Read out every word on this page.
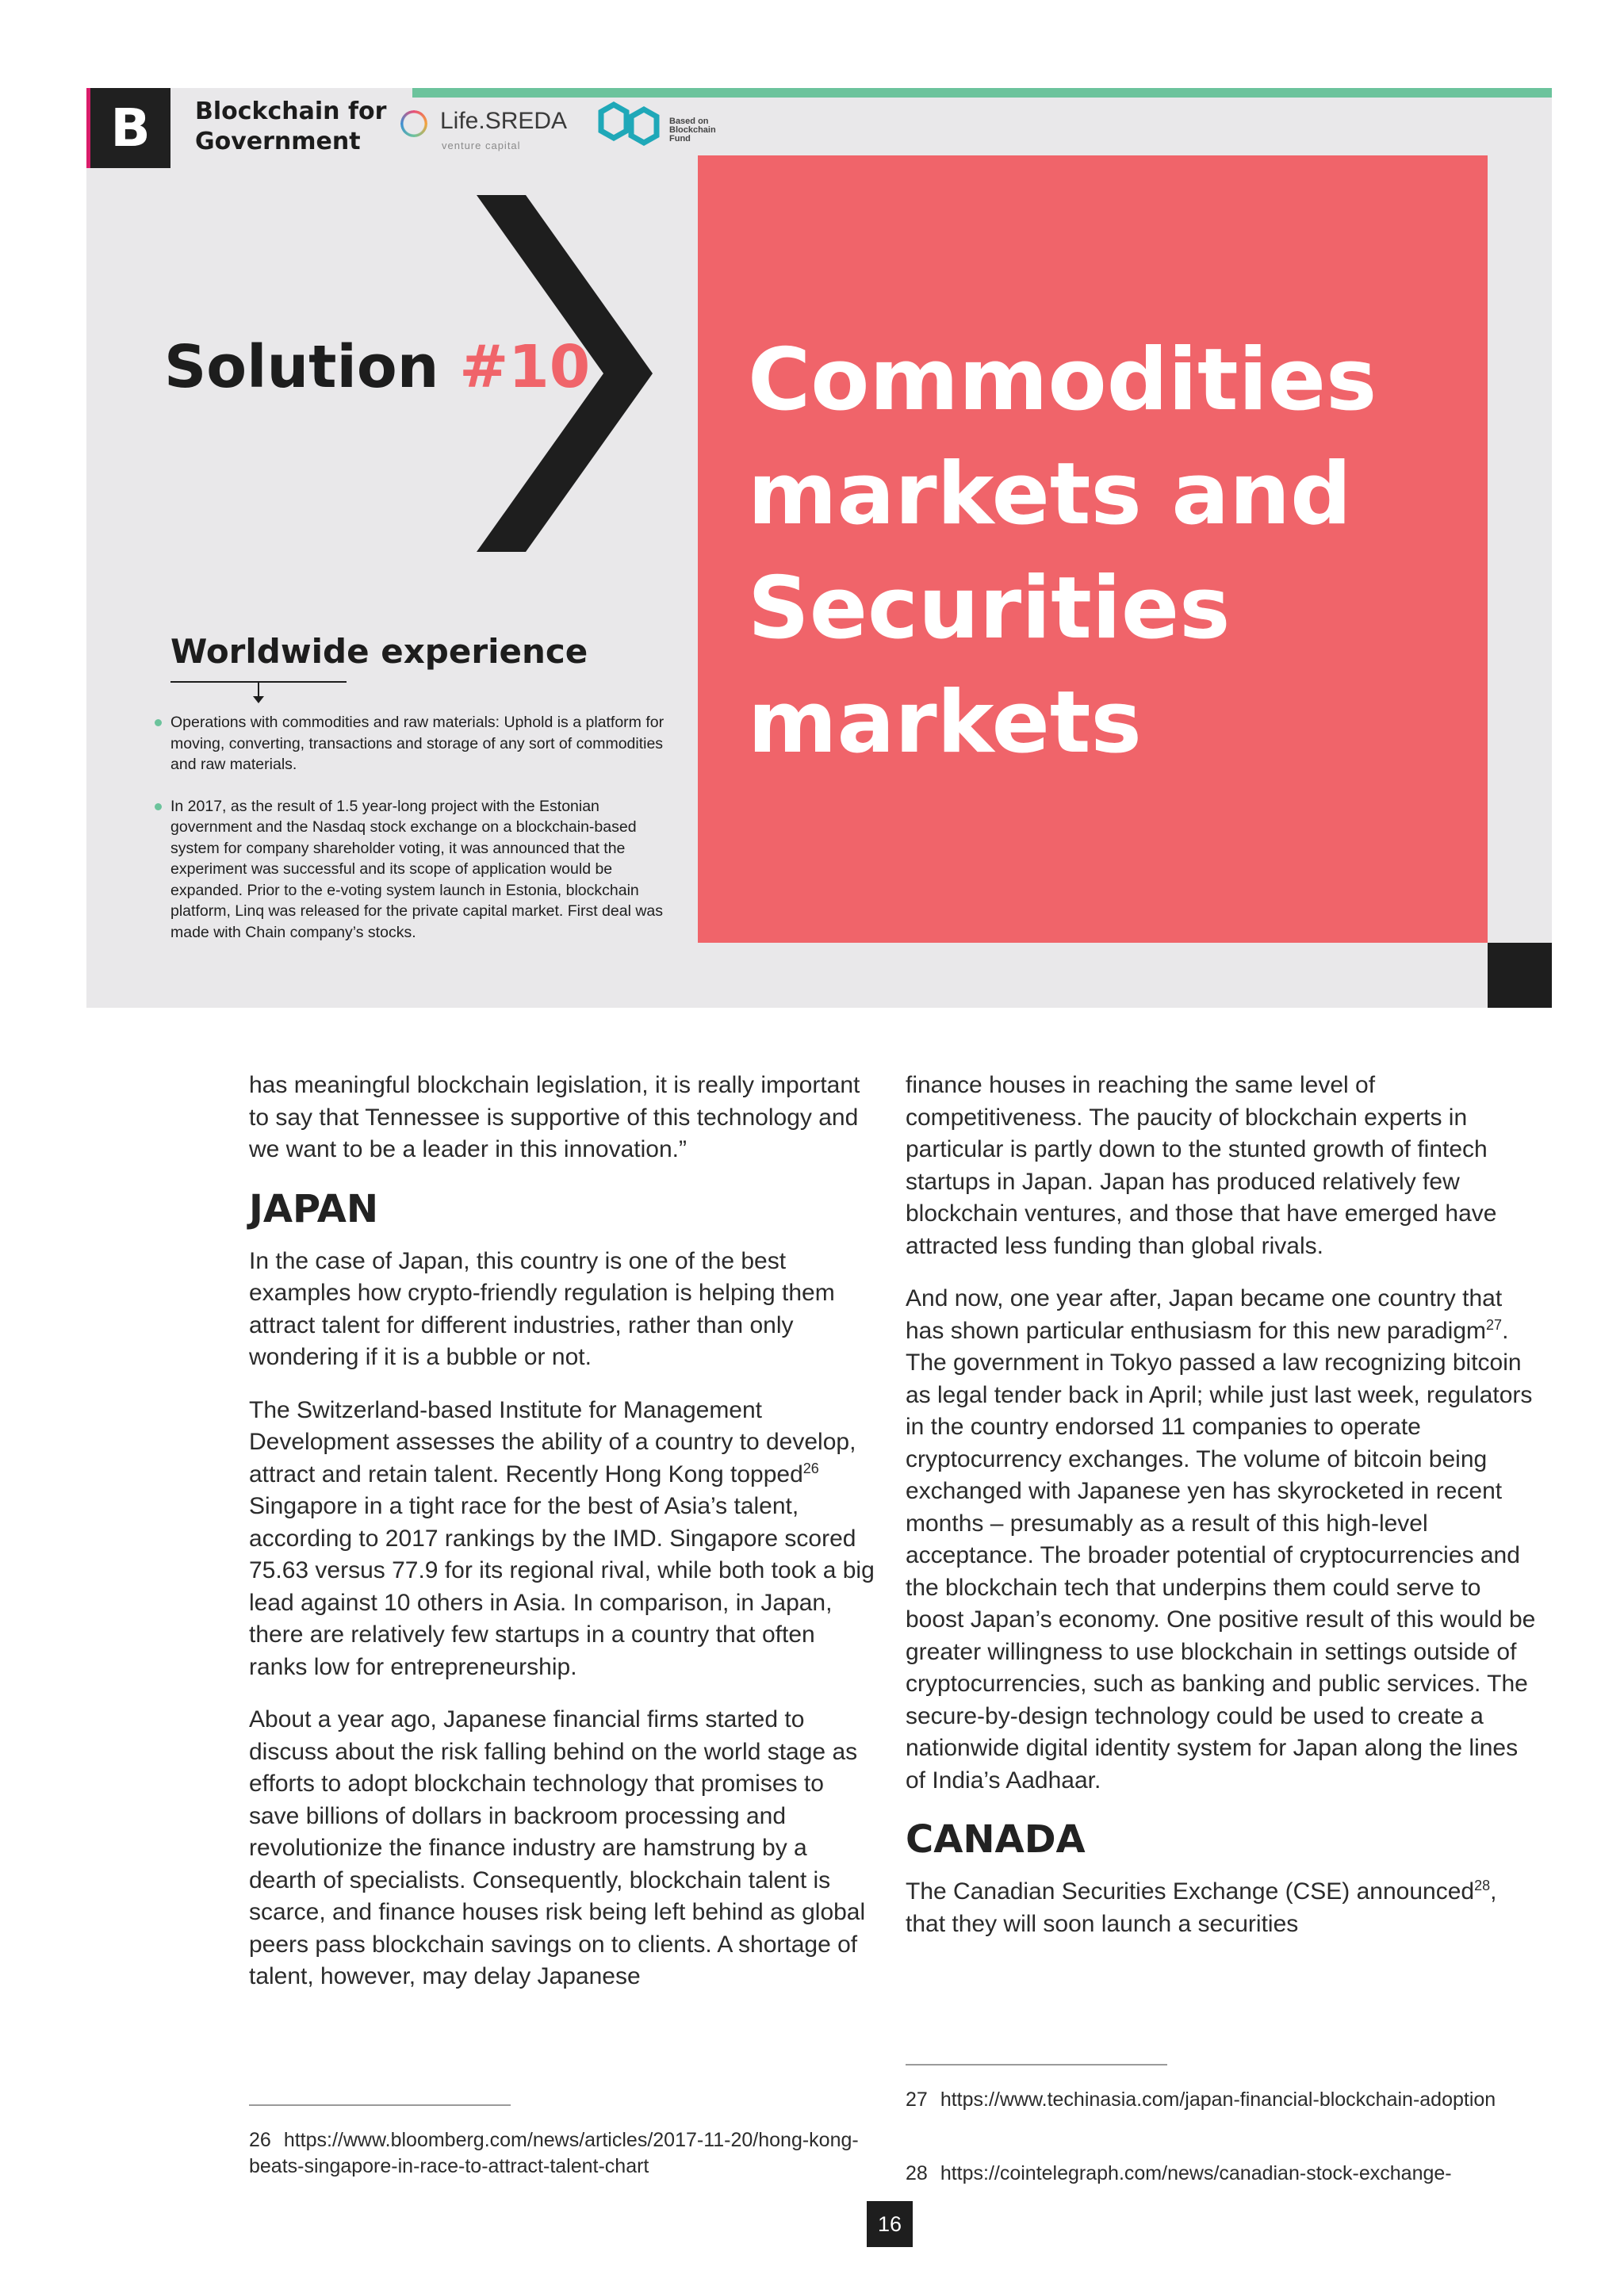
B Blockchain for Government
Life.SREDA
venture capital
Based on
Blockchain
Fund
Solution #10 Commodities
markets and
Securities
markets
Worldwide experience
Operations with commodities and raw materials: Uphold is a platform for moving, converting, transactions and storage of any sort of commodities and raw materials.
In 2017, as the result of 1.5 year-long project with the Estonian government and the Nasdaq stock exchange on a blockchain-based system for company shareholder voting, it was announced that the experiment was successful and its scope of application would be expanded. Prior to the e-voting system launch in Estonia, blockchain platform, Linq was released for the private capital market. First deal was made with Chain company’s stocks.

has meaningful blockchain legislation, it is really important to say that Tennessee is supportive of this technology and we want to be a leader in this innovation.”

JAPAN

In the case of Japan, this country is one of the best examples how crypto-friendly regulation is helping them attract talent for different industries, rather than only wondering if it is a bubble or not.

The Switzerland-based Institute for Management Development assesses the ability of a country to develop, attract and retain talent. Recently Hong Kong topped$^{26}$ Singapore in a tight race for the best of Asia’s talent, according to 2017 rankings by the IMD. Singapore scored 75.63 versus 77.9 for its regional rival, while both took a big lead against 10 others in Asia. In comparison, in Japan, there are relatively few startups in a country that often ranks low for entrepreneurship.

About a year ago, Japanese financial firms started to discuss about the risk falling behind on the world stage as efforts to adopt blockchain technology that promises to save billions of dollars in backroom processing and revolutionize the finance industry are hamstrung by a dearth of specialists. Consequently, blockchain talent is scarce, and finance houses risk being left behind as global peers pass blockchain savings on to clients. A shortage of talent, however, may delay Japanese

finance houses in reaching the same level of competitiveness. The paucity of blockchain experts in particular is partly down to the stunted growth of fintech startups in Japan. Japan has produced relatively few blockchain ventures, and those that have emerged have attracted less funding than global rivals.

And now, one year after, Japan became one country that has shown particular enthusiasm for this new paradigm$^{27}$. The government in Tokyo passed a law recognizing bitcoin as legal tender back in April; while just last week, regulators in the country endorsed 11 companies to operate cryptocurrency exchanges. The volume of bitcoin being exchanged with Japanese yen has skyrocketed in recent months – presumably as a result of this high-level acceptance. The broader potential of cryptocurrencies and the blockchain tech that underpins them could serve to boost Japan’s economy. One positive result of this would be greater willingness to use blockchain in settings outside of cryptocurrencies, such as banking and public services. The secure-by-design technology could be used to create a nationwide digital identity system for Japan along the lines of India’s Aadhaar.

CANADA

The Canadian Securities Exchange (CSE) announced$^{28}$, that they will soon launch a securities

26 https://www.bloomberg.com/news/articles/2017-11-20/hong-kong-beats-singapore-in-race-to-attract-talent-chart
27 https://www.techinasia.com/japan-financial-blockchain-adoption
28 https://cointelegraph.com/news/canadian-stock-exchange-
16
